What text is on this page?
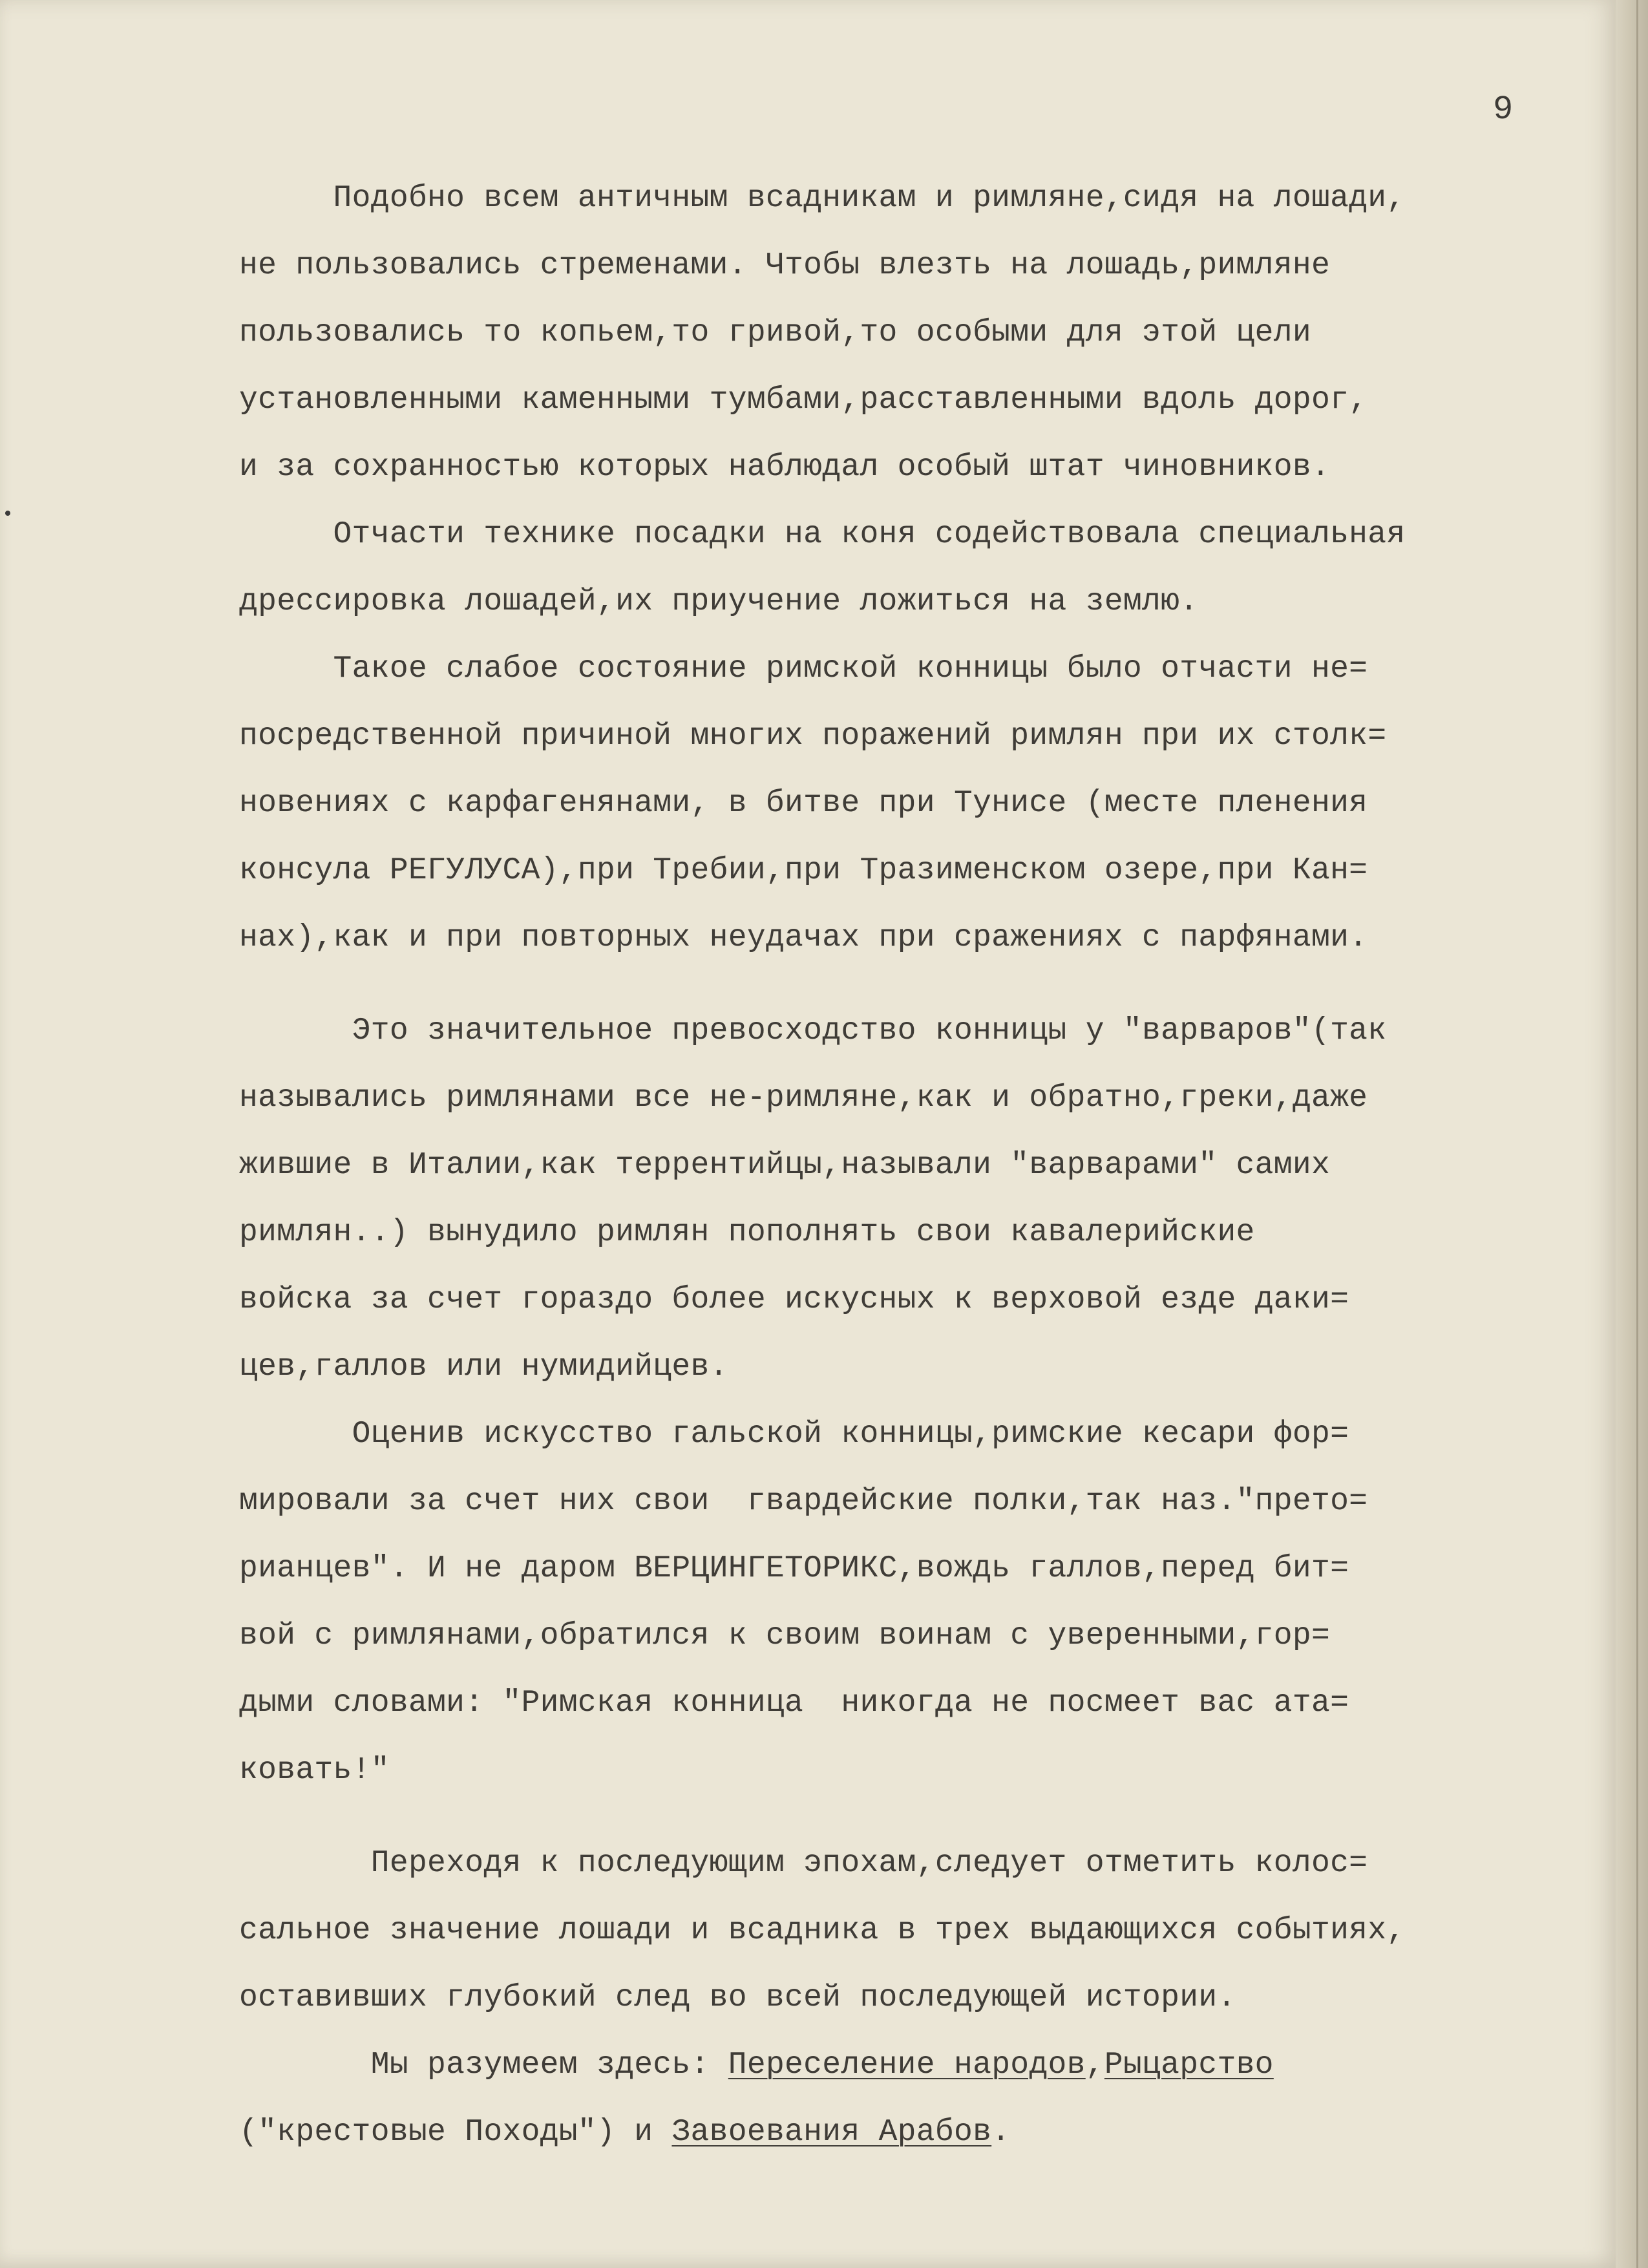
9
Подобно всем античным всадникам и римляне,сидя на лошади,
не пользовались стременами. Чтобы влезть на лошадь,римляне
пользовались то копьем,то гривой,то особыми для этой цели
установленными каменными тумбами,расставленными вдоль дорог,
и за сохранностью которых наблюдал особый штат чиновников.
Отчасти технике посадки на коня содействовала специальная
дрессировка лошадей,их приучение ложиться на землю.
Такое слабое состояние римской конницы было отчасти не=
посредственной причиной многих поражений римлян при их столк=
новениях с карфагенянами, в битве при Тунисе (месте пленения
консула РЕГУЛУСА),при Требии,при Тразименском озере,при Кан=
нах),как и при повторных неудачах при сражениях с парфянами.
Это значительное превосходство конницы у "варваров"(так
назывались римлянами все не-римляне,как и обратно,греки,даже
жившие в Италии,как террентийцы,называли "варварами" самих
римлян..) вынудило римлян пополнять свои кавалерийские
войска за счет гораздо более искусных к верховой езде даки=
цев,галлов или нумидийцев.
Оценив искусство гальской конницы,римские кесари фор=
мировали за счет них свои  гвардейские полки,так наз."прето=
рианцев". И не даром ВЕРЦИНГЕТОРИКС,вождь галлов,перед бит=
вой с римлянами,обратился к своим воинам с уверенными,гор=
дыми словами: "Римская конница  никогда не посмеет вас ата=
ковать!"
Переходя к последующим эпохам,следует отметить колос=
сальное значение лошади и всадника в трех выдающихся событиях,
оставивших глубокий след во всей последующей истории.
Мы разумеем здесь: Переселение народов,Рыцарство
("крестовые Походы") и Завоевания Арабов.
